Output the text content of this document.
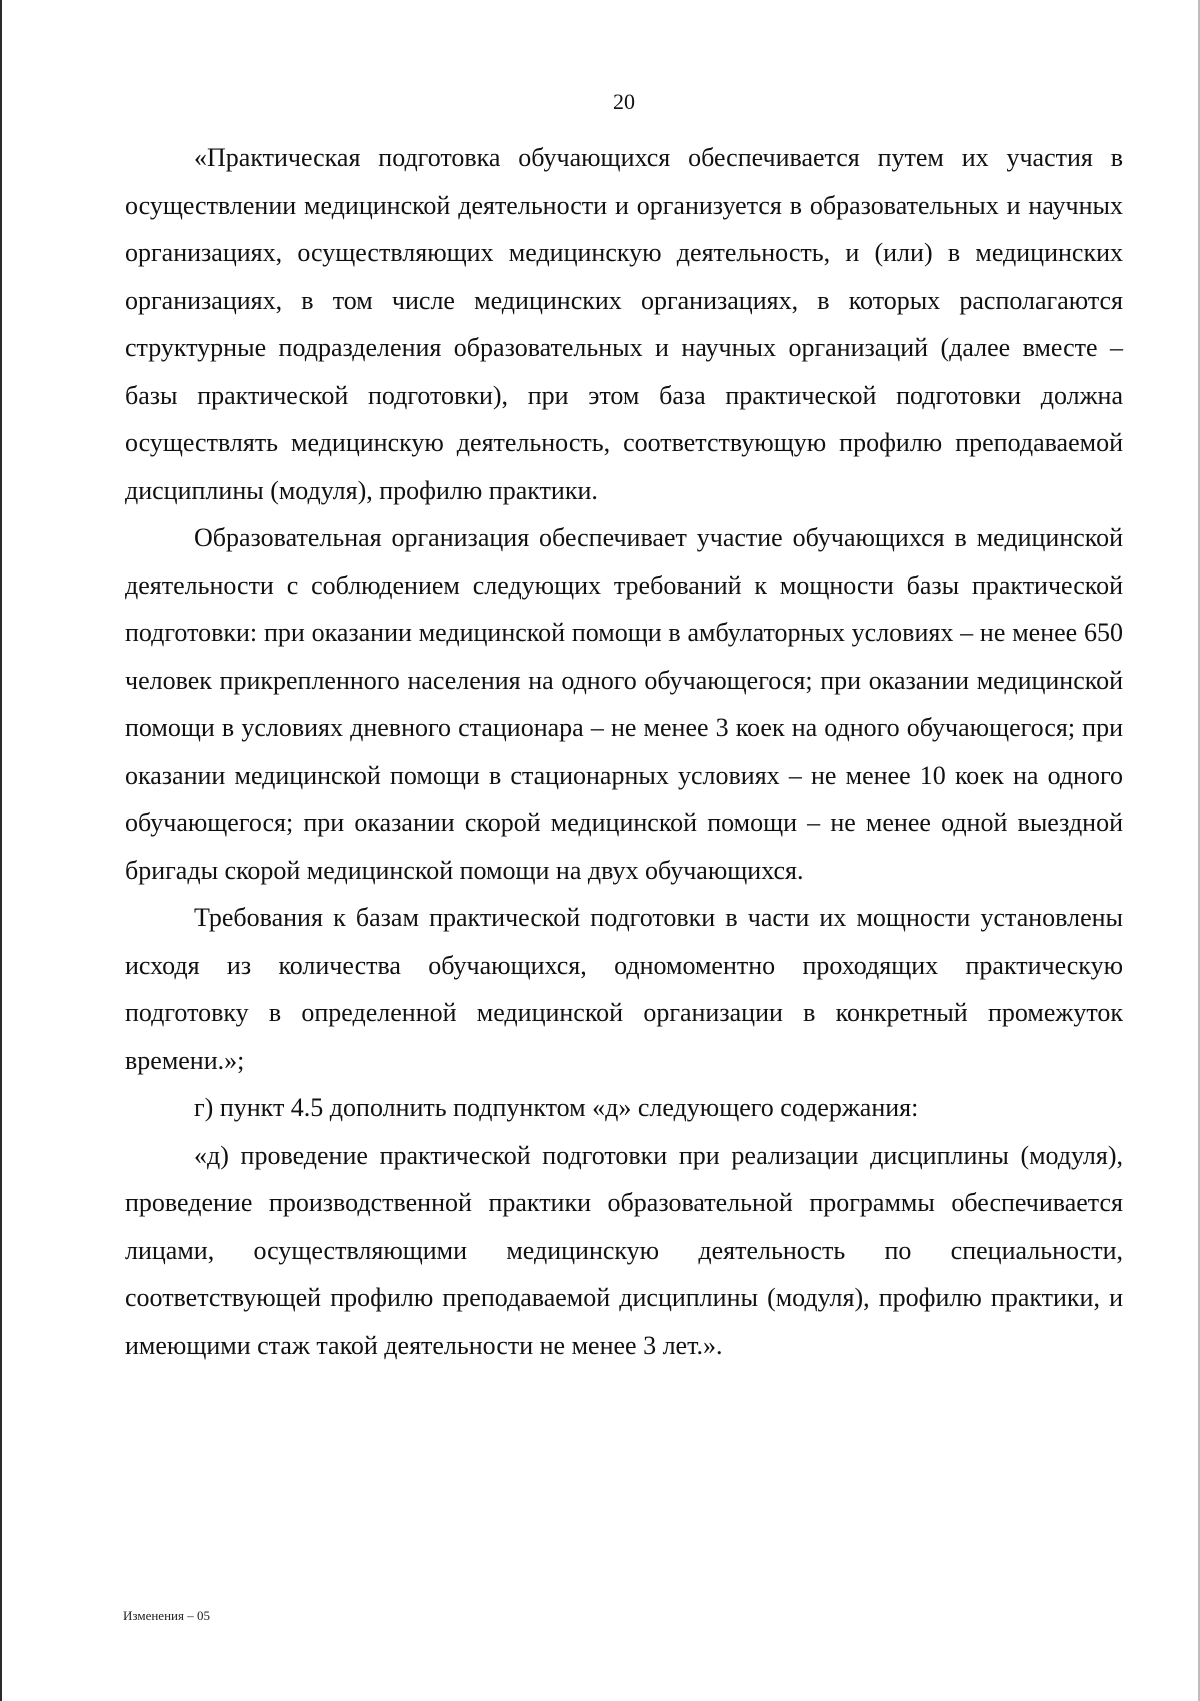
20

«Практическая подготовка обучающихся обеспечивается путем их участия в осуществлении медицинской деятельности и организуется в образовательных и научных организациях, осуществляющих медицинскую деятельность, и (или) в медицинских организациях, в том числе медицинских организациях, в которых располагаются структурные подразделения образовательных и научных организаций (далее вместе – базы практической подготовки), при этом база практической подготовки должна осуществлять медицинскую деятельность, соответствующую профилю преподаваемой дисциплины (модуля), профилю практики.

Образовательная организация обеспечивает участие обучающихся в медицинской деятельности с соблюдением следующих требований к мощности базы практической подготовки: при оказании медицинской помощи в амбулаторных условиях – не менее 650 человек прикрепленного населения на одного обучающегося; при оказании медицинской помощи в условиях дневного стационара – не менее 3 коек на одного обучающегося; при оказании медицинской помощи в стационарных условиях – не менее 10 коек на одного обучающегося; при оказании скорой медицинской помощи – не менее одной выездной бригады скорой медицинской помощи на двух обучающихся.

Требования к базам практической подготовки в части их мощности установлены исходя из количества обучающихся, одномоментно проходящих практическую подготовку в определенной медицинской организации в конкретный промежуток времени.»;

г) пункт 4.5 дополнить подпунктом «д» следующего содержания:

«д) проведение практической подготовки при реализации дисциплины (модуля), проведение производственной практики образовательной программы обеспечивается лицами, осуществляющими медицинскую деятельность по специальности, соответствующей профилю преподаваемой дисциплины (модуля), профилю практики, и имеющими стаж такой деятельности не менее 3 лет.».

Изменения – 05
